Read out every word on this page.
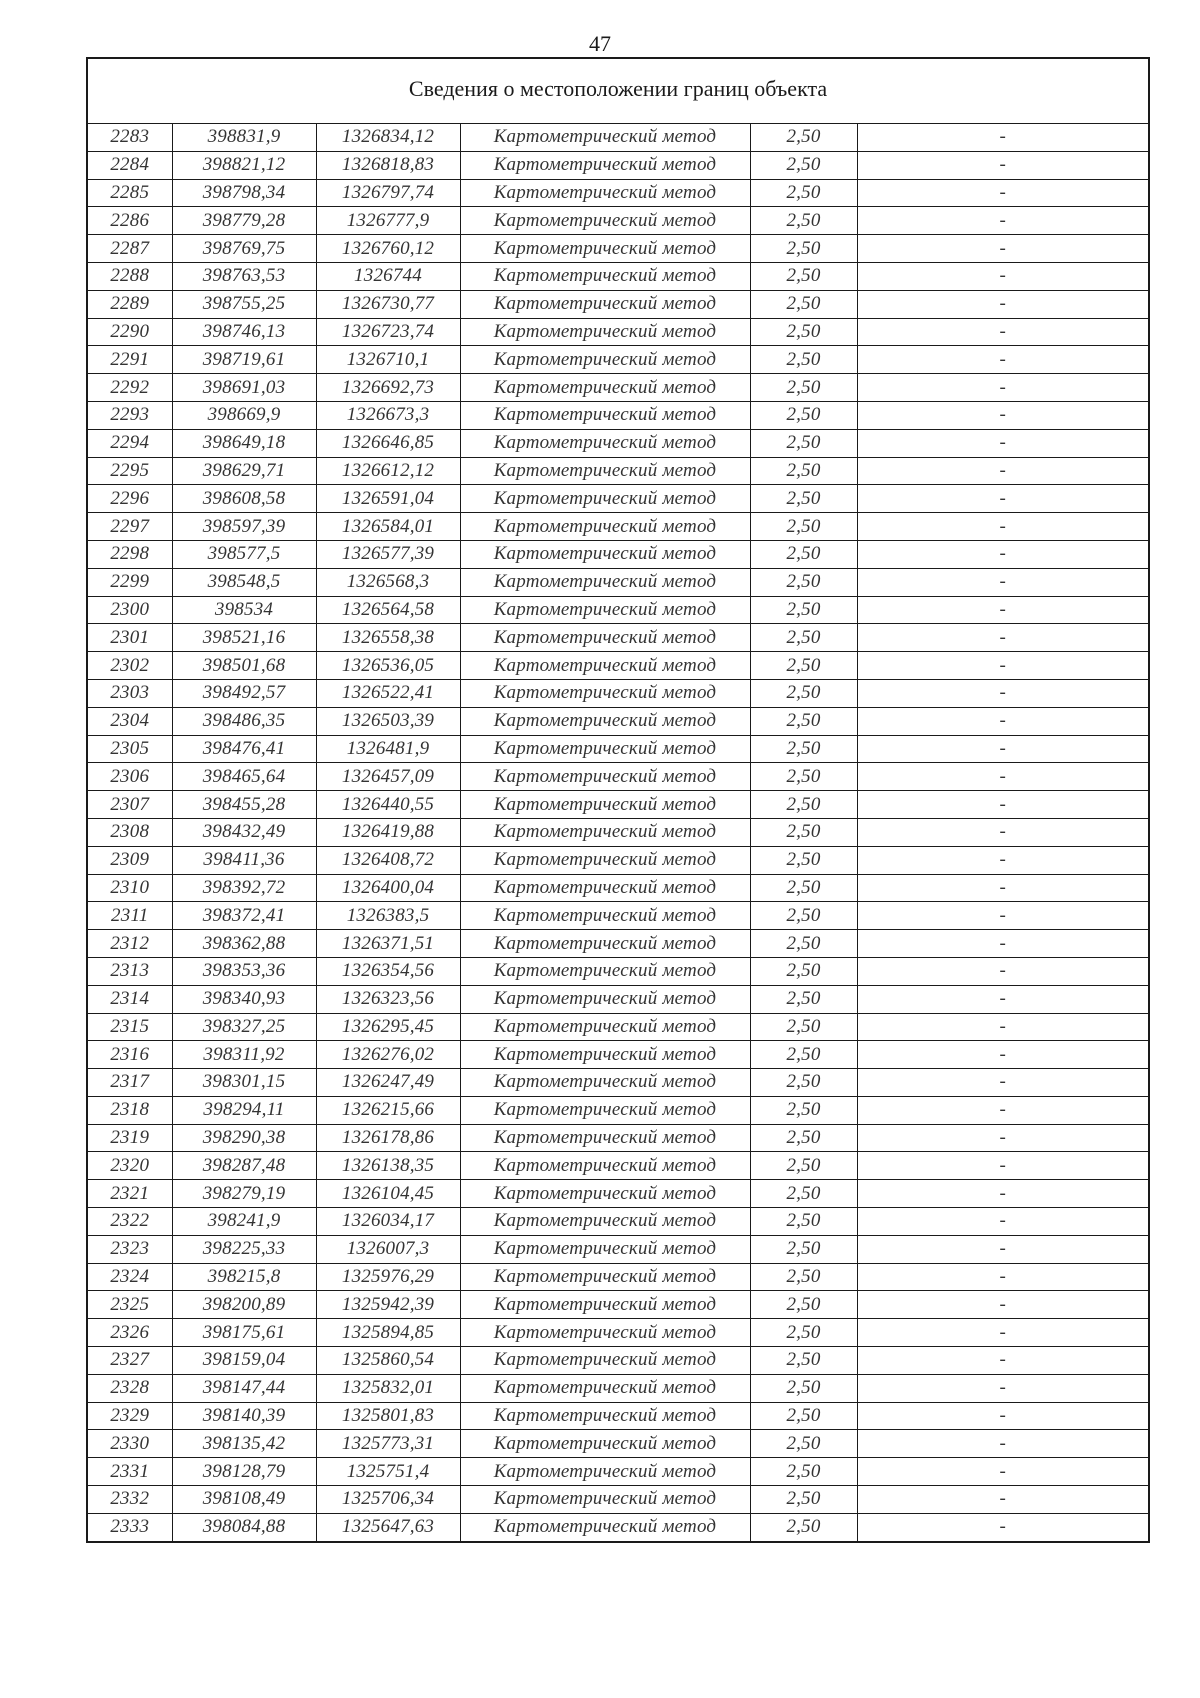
47
Сведения о местоположении границ объекта					
2283	398831,9	1326834,12	Картометрический метод	2,50	-
2284	398821,12	1326818,83	Картометрический метод	2,50	-
2285	398798,34	1326797,74	Картометрический метод	2,50	-
2286	398779,28	1326777,9	Картометрический метод	2,50	-
2287	398769,75	1326760,12	Картометрический метод	2,50	-
2288	398763,53	1326744	Картометрический метод	2,50	-
2289	398755,25	1326730,77	Картометрический метод	2,50	-
2290	398746,13	1326723,74	Картометрический метод	2,50	-
2291	398719,61	1326710,1	Картометрический метод	2,50	-
2292	398691,03	1326692,73	Картометрический метод	2,50	-
2293	398669,9	1326673,3	Картометрический метод	2,50	-
2294	398649,18	1326646,85	Картометрический метод	2,50	-
2295	398629,71	1326612,12	Картометрический метод	2,50	-
2296	398608,58	1326591,04	Картометрический метод	2,50	-
2297	398597,39	1326584,01	Картометрический метод	2,50	-
2298	398577,5	1326577,39	Картометрический метод	2,50	-
2299	398548,5	1326568,3	Картометрический метод	2,50	-
2300	398534	1326564,58	Картометрический метод	2,50	-
2301	398521,16	1326558,38	Картометрический метод	2,50	-
2302	398501,68	1326536,05	Картометрический метод	2,50	-
2303	398492,57	1326522,41	Картометрический метод	2,50	-
2304	398486,35	1326503,39	Картометрический метод	2,50	-
2305	398476,41	1326481,9	Картометрический метод	2,50	-
2306	398465,64	1326457,09	Картометрический метод	2,50	-
2307	398455,28	1326440,55	Картометрический метод	2,50	-
2308	398432,49	1326419,88	Картометрический метод	2,50	-
2309	398411,36	1326408,72	Картометрический метод	2,50	-
2310	398392,72	1326400,04	Картометрический метод	2,50	-
2311	398372,41	1326383,5	Картометрический метод	2,50	-
2312	398362,88	1326371,51	Картометрический метод	2,50	-
2313	398353,36	1326354,56	Картометрический метод	2,50	-
2314	398340,93	1326323,56	Картометрический метод	2,50	-
2315	398327,25	1326295,45	Картометрический метод	2,50	-
2316	398311,92	1326276,02	Картометрический метод	2,50	-
2317	398301,15	1326247,49	Картометрический метод	2,50	-
2318	398294,11	1326215,66	Картометрический метод	2,50	-
2319	398290,38	1326178,86	Картометрический метод	2,50	-
2320	398287,48	1326138,35	Картометрический метод	2,50	-
2321	398279,19	1326104,45	Картометрический метод	2,50	-
2322	398241,9	1326034,17	Картометрический метод	2,50	-
2323	398225,33	1326007,3	Картометрический метод	2,50	-
2324	398215,8	1325976,29	Картометрический метод	2,50	-
2325	398200,89	1325942,39	Картометрический метод	2,50	-
2326	398175,61	1325894,85	Картометрический метод	2,50	-
2327	398159,04	1325860,54	Картометрический метод	2,50	-
2328	398147,44	1325832,01	Картометрический метод	2,50	-
2329	398140,39	1325801,83	Картометрический метод	2,50	-
2330	398135,42	1325773,31	Картометрический метод	2,50	-
2331	398128,79	1325751,4	Картометрический метод	2,50	-
2332	398108,49	1325706,34	Картометрический метод	2,50	-
2333	398084,88	1325647,63	Картометрический метод	2,50	-
